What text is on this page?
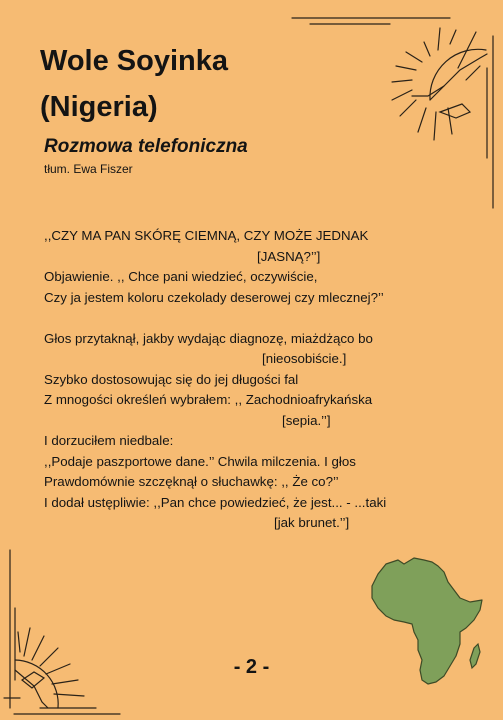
Wole Soyinka
(Nigeria)

Rozmowa telefoniczna

tłum. Ewa Fiszer

,,CZY MA PAN SKÓRĘ CIEMNĄ, CZY MOŻE JEDNAK
[JASNĄ?’’]
Objawienie. ,, Chce pani wiedzieć, oczywiście,
Czy ja jestem koloru czekolady deserowej czy mlecznej?’’
Głos przytaknął, jakby wydając diagnozę, miażdżąco bo
[nieosobiście.]
Szybko dostosowując się do jej długości fal
Z mnogości określeń wybrałem: ,, Zachodnioafrykańska
[sepia.’’]
I dorzuciłem niedbale:
,,Podaje paszportowe dane.’’ Chwila milczenia. I głos
Prawdomównie szczęknął o słuchawkę: ,, Że co?’’
I dodał ustępliwie: ,,Pan chce powiedzieć, że jest... - ...taki
[jak brunet.’’]
- 2 -
